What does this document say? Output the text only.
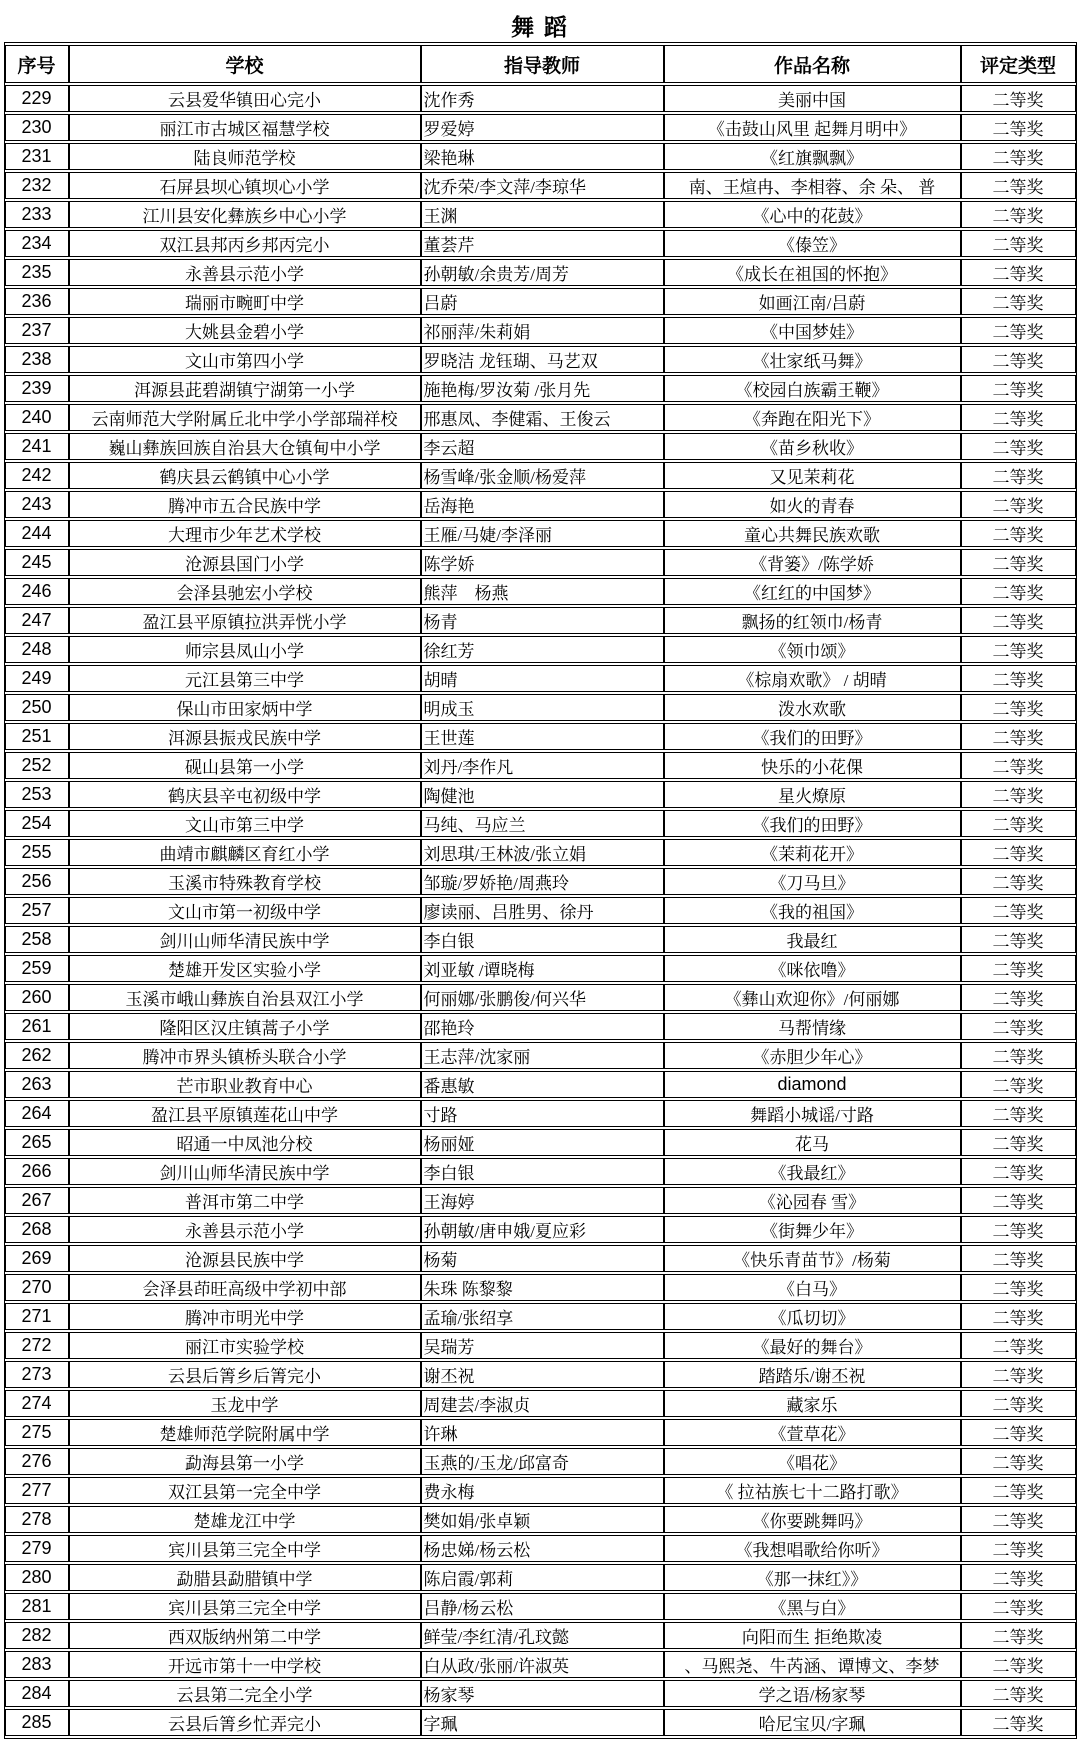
舞 蹈
序号	学校	指导教师	作品名称	评定类型
229	云县爱华镇田心完小	沈作秀	美丽中国	二等奖
230	丽江市古城区福慧学校	罗爱婷	《击鼓山风里 起舞月明中》	二等奖
231	陆良师范学校	梁艳琳	《红旗飘飘》	二等奖
232	石屏县坝心镇坝心小学	沈乔荣/李文萍/李琼华	南、王煊冉、李相蓉、余 朵、 普	二等奖
233	江川县安化彝族乡中心小学	王渊	《心中的花鼓》	二等奖
234	双江县邦丙乡邦丙完小	董荟芹	《傣笠》	二等奖
235	永善县示范小学	孙朝敏/余贵芳/周芳	《成长在祖国的怀抱》	二等奖
236	瑞丽市畹町中学	吕蔚	如画江南/吕蔚	二等奖
237	大姚县金碧小学	祁丽萍/朱莉娟	《中国梦娃》	二等奖
238	文山市第四小学	罗晓洁 龙钰瑚、马艺双	《壮家纸马舞》	二等奖
239	洱源县茈碧湖镇宁湖第一小学	施艳梅/罗汝菊 /张月先	《校园白族霸王鞭》	二等奖
240	云南师范大学附属丘北中学小学部瑞祥校	邢惠凤、李健霜、王俊云	《奔跑在阳光下》	二等奖
241	巍山彝族回族自治县大仓镇甸中小学	李云超	《苗乡秋收》	二等奖
242	鹤庆县云鹤镇中心小学	杨雪峰/张金顺/杨爱萍	又见茉莉花	二等奖
243	腾冲市五合民族中学	岳海艳	如火的青春	二等奖
244	大理市少年艺术学校	王雁/马婕/李泽丽	童心共舞民族欢歌	二等奖
245	沧源县国门小学	陈学娇	《背篓》/陈学娇	二等奖
246	会泽县驰宏小学校	熊萍　杨燕	《红红的中国梦》	二等奖
247	盈江县平原镇拉洪弄恍小学	杨青	飘扬的红领巾/杨青	二等奖
248	师宗县凤山小学	徐红芳	《领巾颂》	二等奖
249	元江县第三中学	胡晴	《棕扇欢歌》 / 胡晴	二等奖
250	保山市田家炳中学	明成玉	泼水欢歌	二等奖
251	洱源县振戎民族中学	王世莲	《我们的田野》	二等奖
252	砚山县第一小学	刘丹/李作凡	快乐的小花倮	二等奖
253	鹤庆县辛屯初级中学	陶健池	星火燎原	二等奖
254	文山市第三中学	马纯、马应兰	《我们的田野》	二等奖
255	曲靖市麒麟区育红小学	刘思琪/王林波/张立娟	《茉莉花开》	二等奖
256	玉溪市特殊教育学校	邹璇/罗娇艳/周燕玲	《刀马旦》	二等奖
257	文山市第一初级中学	廖读丽、吕胜男、徐丹	《我的祖国》	二等奖
258	剑川山师华清民族中学	李白银	我最红	二等奖
259	楚雄开发区实验小学	刘亚敏 /谭晓梅	《咪依噜》	二等奖
260	玉溪市峨山彝族自治县双江小学	何丽娜/张鹏俊/何兴华	《彝山欢迎你》/何丽娜	二等奖
261	隆阳区汉庄镇蒿子小学	邵艳玲	马帮情缘	二等奖
262	腾冲市界头镇桥头联合小学	王志萍/沈家丽	《赤胆少年心》	二等奖
263	芒市职业教育中心	番惠敏	diamond	二等奖
264	盈江县平原镇莲花山中学	寸路	舞蹈小城谣/寸路	二等奖
265	昭通一中凤池分校	杨丽娅	花马	二等奖
266	剑川山师华清民族中学	李白银	《我最红》	二等奖
267	普洱市第二中学	王海婷	《沁园春 雪》	二等奖
268	永善县示范小学	孙朝敏/唐申娥/夏应彩	《街舞少年》	二等奖
269	沧源县民族中学	杨菊	《快乐青苗节》/杨菊	二等奖
270	会泽县茚旺高级中学初中部	朱珠 陈黎黎	《白马》	二等奖
271	腾冲市明光中学	孟瑜/张绍享	《瓜切切》	二等奖
272	丽江市实验学校	吴瑞芳	《最好的舞台》	二等奖
273	云县后箐乡后箐完小	谢丕祝	踏踏乐/谢丕祝	二等奖
274	玉龙中学	周建芸/李淑贞	藏家乐	二等奖
275	楚雄师范学院附属中学	许琳	《萱草花》	二等奖
276	勐海县第一小学	玉燕的/玉龙/邱富奇	《唱花》	二等奖
277	双江县第一完全中学	费永梅	《 拉祜族七十二路打歌》	二等奖
278	楚雄龙江中学	樊如娟/张卓颖	《你要跳舞吗》	二等奖
279	宾川县第三完全中学	杨忠娣/杨云松	《我想唱歌给你听》	二等奖
280	勐腊县勐腊镇中学	陈启霞/郭莉	《那一抹红》》	二等奖
281	宾川县第三完全中学	吕静/杨云松	《黑与白》	二等奖
282	西双版纳州第二中学	鲜莹/李红清/孔玟懿	向阳而生 拒绝欺凌	二等奖
283	开远市第十一中学校	白从政/张丽/许淑英	、马熙尧、牛芮涵、谭博文、李梦	二等奖
284	云县第二完全小学	杨家琴	学之语/杨家琴	二等奖
285	云县后箐乡忙弄完小	字珮	哈尼宝贝/字珮	二等奖
